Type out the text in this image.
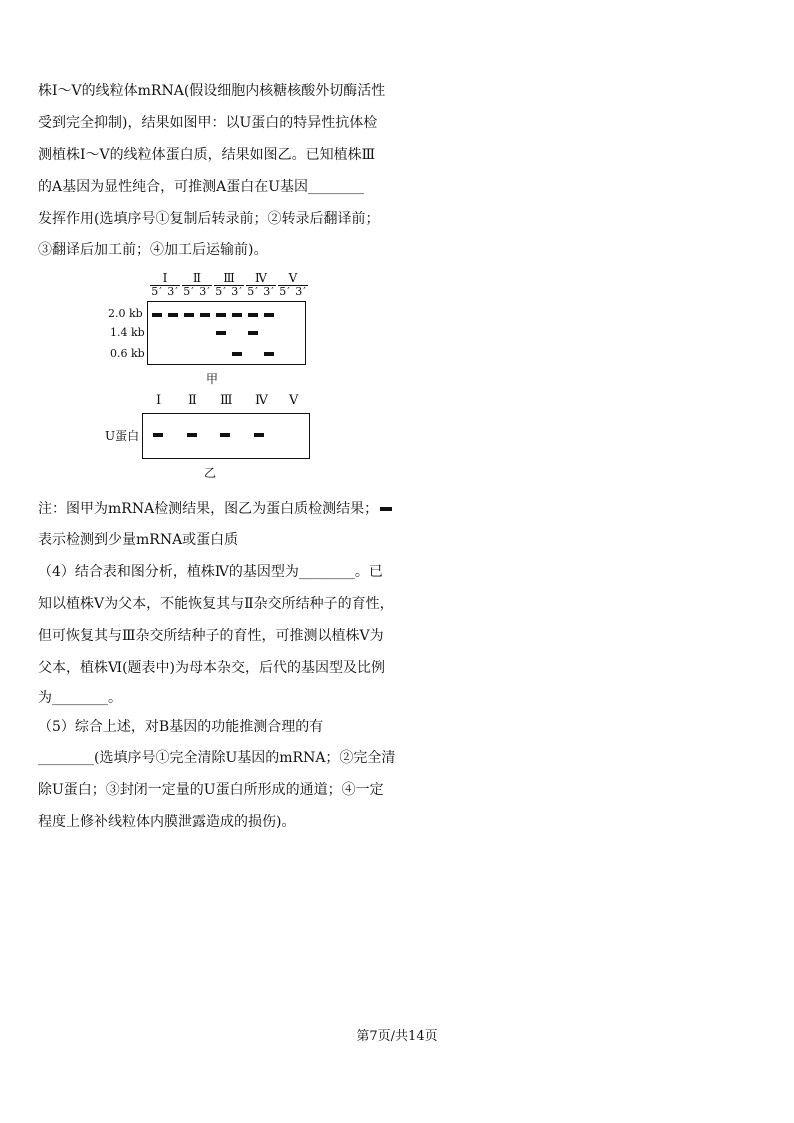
株Ⅰ～Ⅴ的线粒体mRNA(假设细胞内核糖核酸外切酶活性
受到完全抑制)，结果如图甲：以U蛋白的特异性抗体检
测植株Ⅰ～Ⅴ的线粒体蛋白质，结果如图乙。已知植株Ⅲ
的A基因为显性纯合，可推测A蛋白在U基因________
发挥作用(选填序号①复制后转录前；②转录后翻译前；
③翻译后加工前；④加工后运输前)。
Ⅰ
5′ 3′
Ⅱ
5′ 3′
Ⅲ
5′ 3′
Ⅳ
5′ 3′
Ⅴ
5′ 3′
2.0 kb
1.4 kb
0.6 kb
甲
Ⅰ Ⅱ Ⅲ Ⅳ Ⅴ
U蛋白
乙
注：图甲为mRNA检测结果，图乙为蛋白质检测结果；
表示检测到少量mRNA或蛋白质
（4）结合表和图分析，植株Ⅳ的基因型为________。已
知以植株Ⅴ为父本，不能恢复其与Ⅱ杂交所结种子的育性，
但可恢复其与Ⅲ杂交所结种子的育性，可推测以植株Ⅴ为
父本，植株Ⅵ(题表中)为母本杂交，后代的基因型及比例
为________。
（5）综合上述，对B基因的功能推测合理的有
________(选填序号①完全清除U基因的mRNA；②完全清
除U蛋白；③封闭一定量的U蛋白所形成的通道；④一定
程度上修补线粒体内膜泄露造成的损伤)。
第7页/共14页
